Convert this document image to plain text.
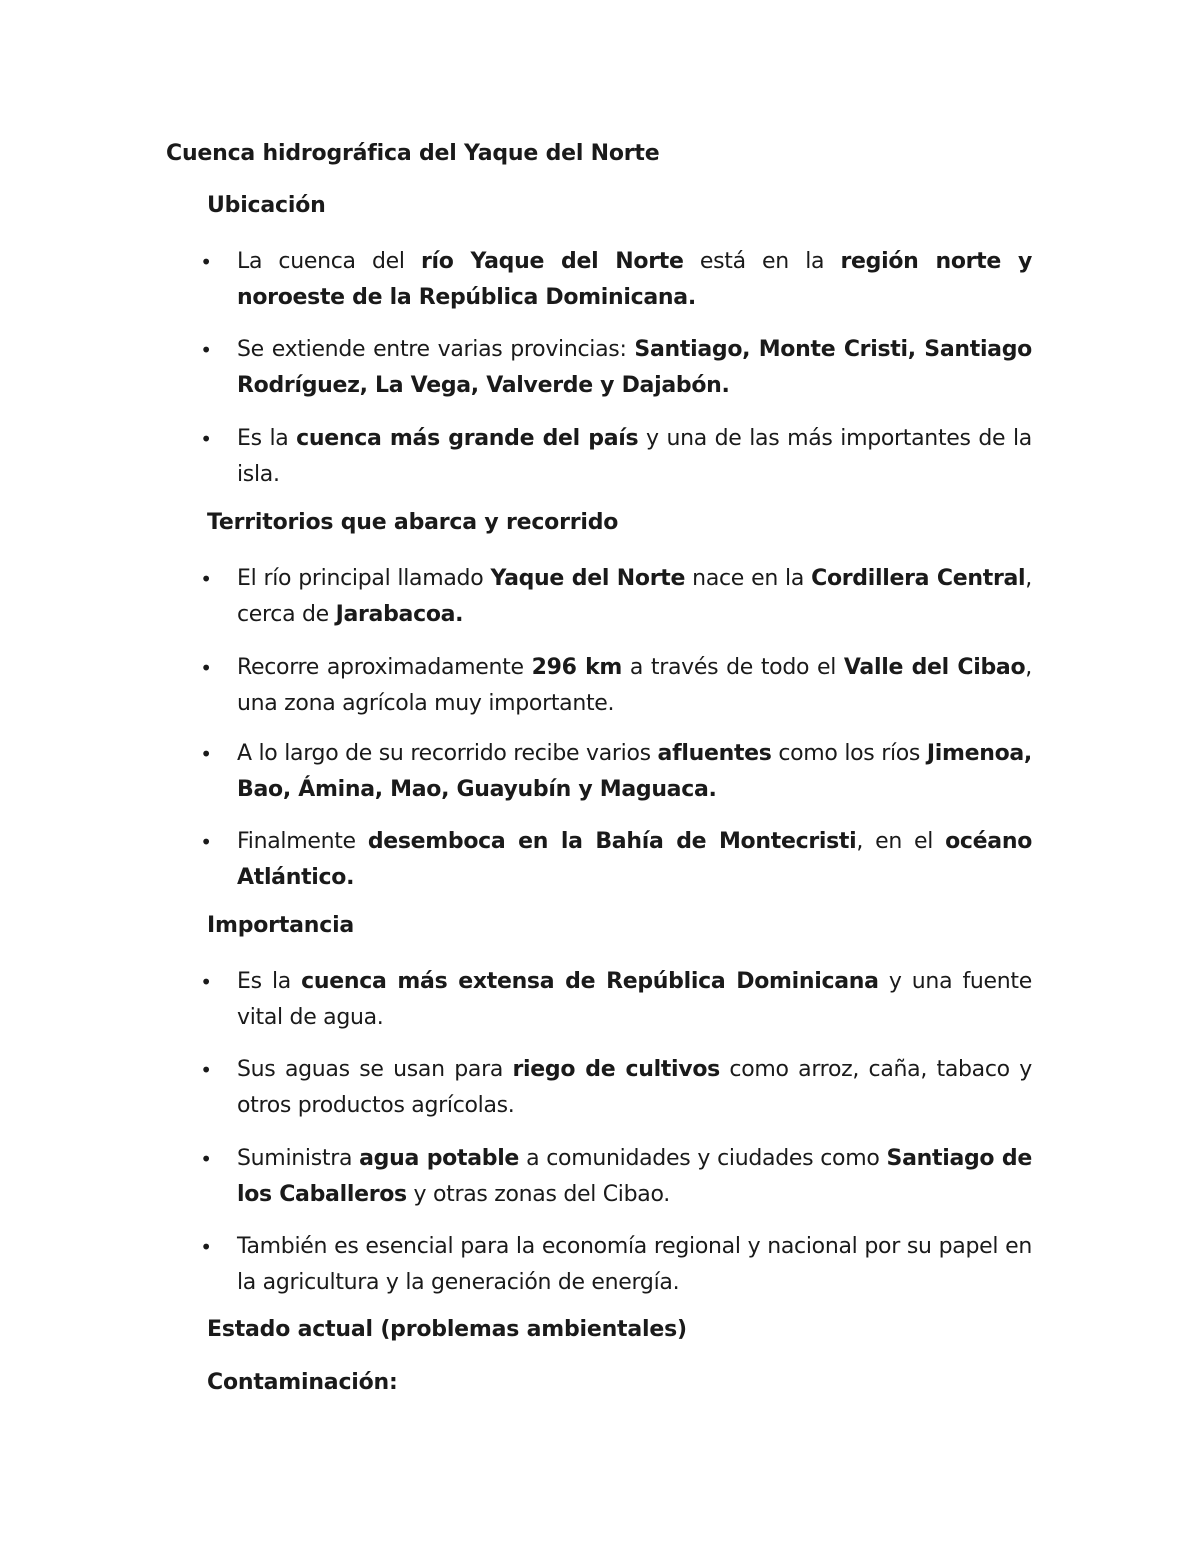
Cuenca hidrográfica del Yaque del Norte
Ubicación
• La cuenca del río Yaque del Norte está en la región norte y noroeste de la República Dominicana.
• Se extiende entre varias provincias: Santiago, Monte Cristi, Santiago Rodríguez, La Vega, Valverde y Dajabón.
• Es la cuenca más grande del país y una de las más importantes de la isla.
Territorios que abarca y recorrido
• El río principal llamado Yaque del Norte nace en la Cordillera Central, cerca de Jarabacoa.
• Recorre aproximadamente 296 km a través de todo el Valle del Cibao, una zona agrícola muy importante.
• A lo largo de su recorrido recibe varios afluentes como los ríos Jimenoa, Bao, Ámina, Mao, Guayubín y Maguaca.
• Finalmente desemboca en la Bahía de Montecristi, en el océano Atlántico.
Importancia
• Es la cuenca más extensa de República Dominicana y una fuente vital de agua.
• Sus aguas se usan para riego de cultivos como arroz, caña, tabaco y otros productos agrícolas.
• Suministra agua potable a comunidades y ciudades como Santiago de los Caballeros y otras zonas del Cibao.
• También es esencial para la economía regional y nacional por su papel en la agricultura y la generación de energía.
Estado actual (problemas ambientales)
Contaminación:
